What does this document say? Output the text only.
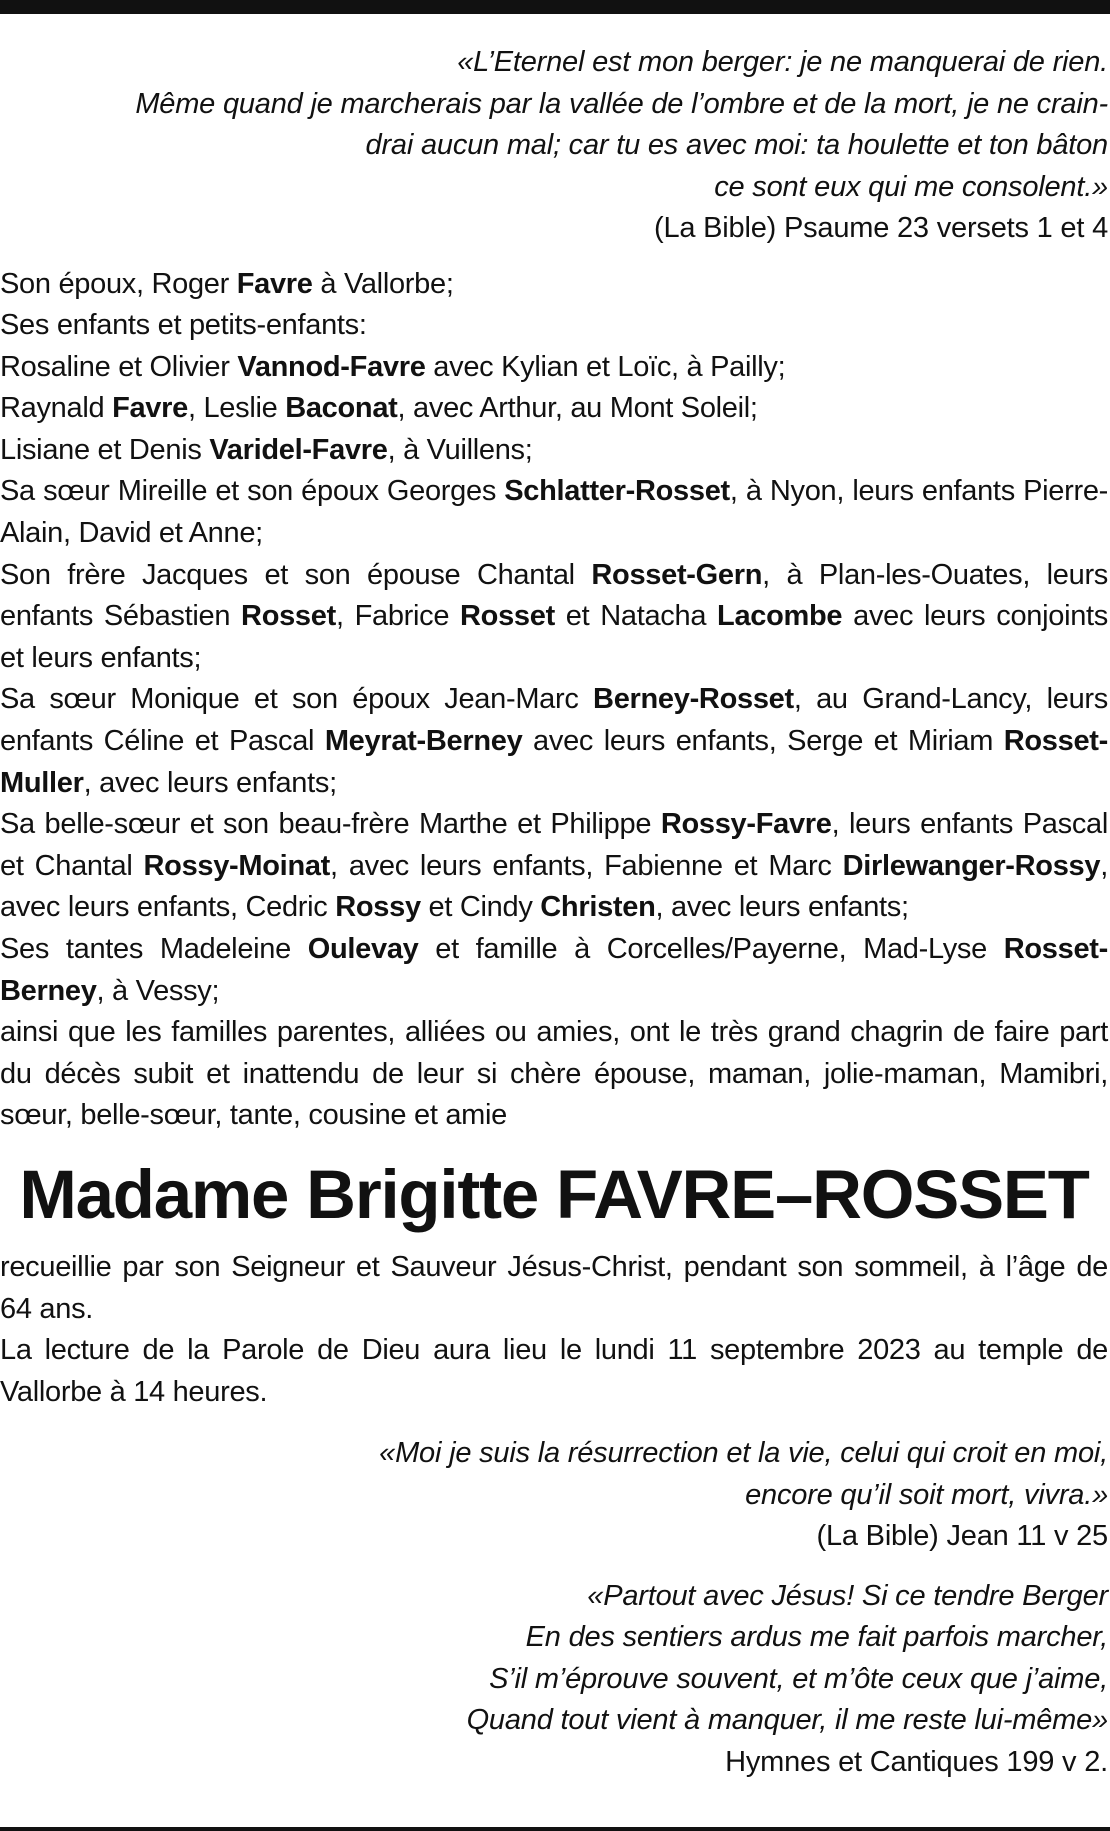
«L’Eternel est mon berger: je ne manquerai de rien.
Même quand je marcherais par la vallée de l’ombre et de la mort, je ne crain-
drai aucun mal; car tu es avec moi: ta houlette et ton bâton
ce sont eux qui me consolent.»
(La Bible) Psaume 23 versets 1 et 4
Son époux, Roger Favre à Vallorbe;
Ses enfants et petits-enfants:
Rosaline et Olivier Vannod-Favre avec Kylian et Loïc, à Pailly;
Raynald Favre, Leslie Baconat, avec Arthur, au Mont Soleil;
Lisiane et Denis Varidel-Favre, à Vuillens;
Sa sœur Mireille et son époux Georges Schlatter-Rosset, à Nyon, leurs enfants Pierre-Alain, David et Anne;
Son frère Jacques et son épouse Chantal Rosset-Gern, à Plan-les-Ouates, leurs enfants Sébastien Rosset, Fabrice Rosset et Natacha Lacombe avec leurs conjoints et leurs enfants;
Sa sœur Monique et son époux Jean-Marc Berney-Rosset, au Grand-Lancy, leurs enfants Céline et Pascal Meyrat-Berney avec leurs enfants, Serge et Miriam Rosset-Muller, avec leurs enfants;
Sa belle-sœur et son beau-frère Marthe et Philippe Rossy-Favre, leurs enfants Pascal et Chantal Rossy-Moinat, avec leurs enfants, Fabienne et Marc Dirlewanger-Rossy, avec leurs enfants, Cedric Rossy et Cindy Christen, avec leurs enfants;
Ses tantes Madeleine Oulevay et famille à Corcelles/Payerne, Mad-Lyse Rosset-Berney, à Vessy;
ainsi que les familles parentes, alliées ou amies, ont le très grand chagrin de faire part du décès subit et inattendu de leur si chère épouse, maman, jolie-maman, Mamibri, sœur, belle-sœur, tante, cousine et amie
Madame Brigitte FAVRE–ROSSET
recueillie par son Seigneur et Sauveur Jésus-Christ, pendant son sommeil, à l’âge de 64 ans.
La lecture de la Parole de Dieu aura lieu le lundi 11 septembre 2023 au temple de Vallorbe à 14 heures.
«Moi je suis la résurrection et la vie, celui qui croit en moi,
encore qu’il soit mort, vivra.»
(La Bible) Jean 11 v 25
«Partout avec Jésus! Si ce tendre Berger
En des sentiers ardus me fait parfois marcher,
S’il m’éprouve souvent, et m’ôte ceux que j’aime,
Quand tout vient à manquer, il me reste lui-même»
Hymnes et Cantiques 199 v 2.
